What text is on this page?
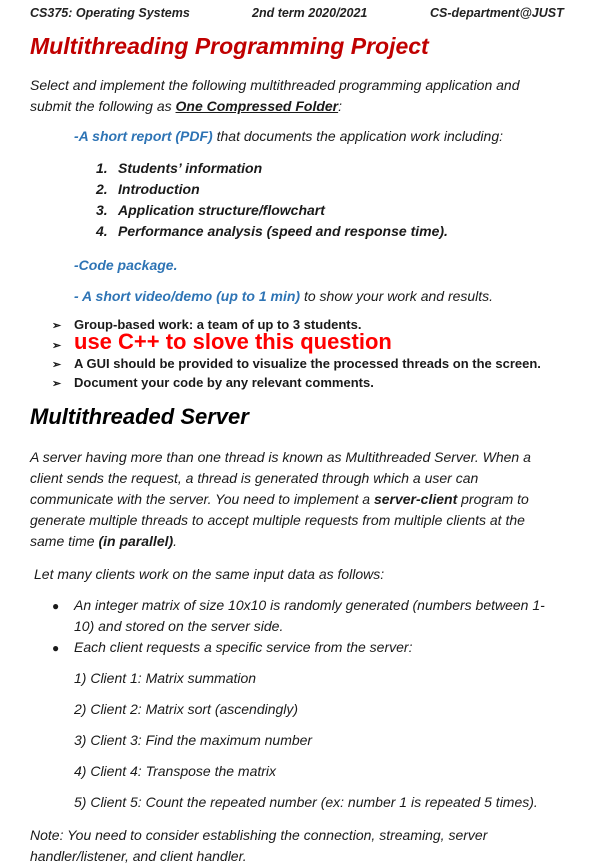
CS375: Operating Systems	2nd term 2020/2021	CS-department@JUST
Multithreading Programming Project
Select and implement the following multithreaded programming application and
submit the following as One Compressed Folder:
-A short report (PDF) that documents the application work including:
1. Students’ information
2. Introduction
3. Application structure/flowchart
4. Performance analysis (speed and response time).
-Code package.
- A short video/demo (up to 1 min) to show your work and results.
➢ Group-based work: a team of up to 3 students.
➢ use C++ to slove this question
➢ A GUI should be provided to visualize the processed threads on the screen.
➢ Document your code by any relevant comments.
Multithreaded Server
A server having more than one thread is known as Multithreaded Server. When a
client sends the request, a thread is generated through which a user can
communicate with the server. You need to implement a server-client program to
generate multiple threads to accept multiple requests from multiple clients at the
same time (in parallel).
Let many clients work on the same input data as follows:
● An integer matrix of size 10x10 is randomly generated (numbers between 1-
10) and stored on the server side.
● Each client requests a specific service from the server:
1) Client 1: Matrix summation
2) Client 2: Matrix sort (ascendingly)
3) Client 3: Find the maximum number
4) Client 4: Transpose the matrix
5) Client 5: Count the repeated number (ex: number 1 is repeated 5 times).
Note: You need to consider establishing the connection, streaming, server
handler/listener, and client handler.
